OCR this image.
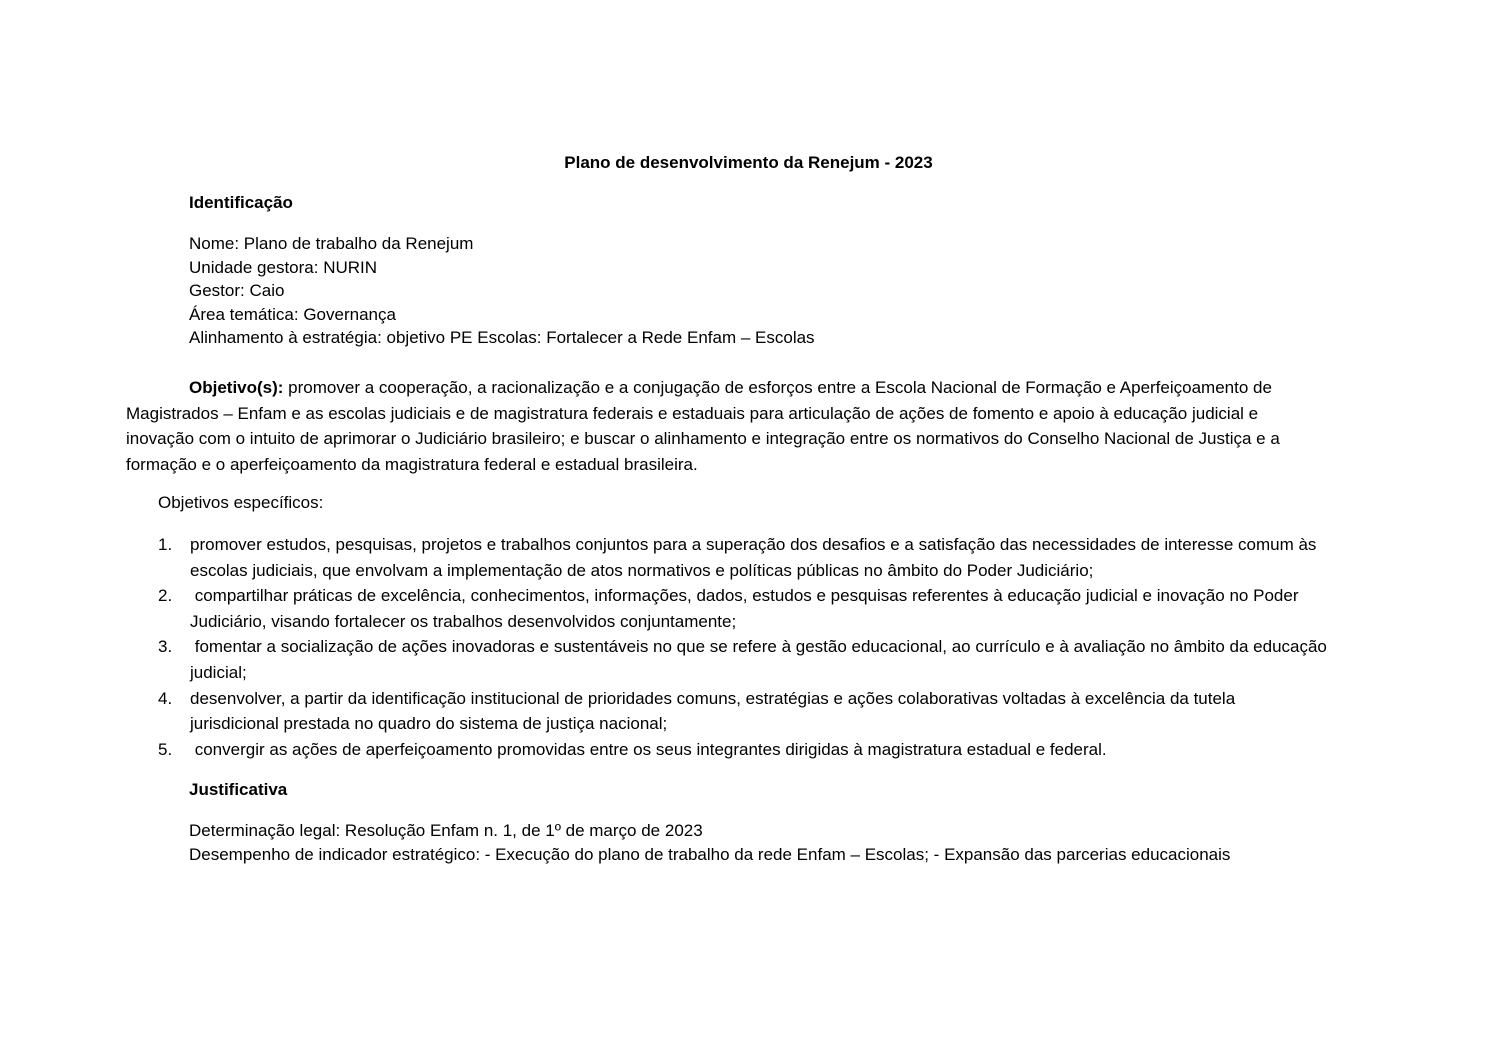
Plano de desenvolvimento da Renejum - 2023
Identificação
Nome: Plano de trabalho da Renejum
Unidade gestora: NURIN
Gestor: Caio
Área temática: Governança
Alinhamento à estratégia: objetivo PE Escolas: Fortalecer a Rede Enfam – Escolas
Objetivo(s): promover a cooperação, a racionalização e a conjugação de esforços entre a Escola Nacional de Formação e Aperfeiçoamento de
Magistrados – Enfam e as escolas judiciais e de magistratura federais e estaduais para articulação de ações de fomento e apoio à educação judicial e
inovação com o intuito de aprimorar o Judiciário brasileiro; e buscar o alinhamento e integração entre os normativos do Conselho Nacional de Justiça e a
formação e o aperfeiçoamento da magistratura federal e estadual brasileira.
Objetivos específicos:
1. promover estudos, pesquisas, projetos e trabalhos conjuntos para a superação dos desafios e a satisfação das necessidades de interesse comum às
escolas judiciais, que envolvam a implementação de atos normativos e políticas públicas no âmbito do Poder Judiciário;
2. compartilhar práticas de excelência, conhecimentos, informações, dados, estudos e pesquisas referentes à educação judicial e inovação no Poder
Judiciário, visando fortalecer os trabalhos desenvolvidos conjuntamente;
3. fomentar a socialização de ações inovadoras e sustentáveis no que se refere à gestão educacional, ao currículo e à avaliação no âmbito da educação
judicial;
4. desenvolver, a partir da identificação institucional de prioridades comuns, estratégias e ações colaborativas voltadas à excelência da tutela
jurisdicional prestada no quadro do sistema de justiça nacional;
5. convergir as ações de aperfeiçoamento promovidas entre os seus integrantes dirigidas à magistratura estadual e federal.
Justificativa
Determinação legal: Resolução Enfam n. 1, de 1º de março de 2023
Desempenho de indicador estratégico: - Execução do plano de trabalho da rede Enfam – Escolas; - Expansão das parcerias educacionais
